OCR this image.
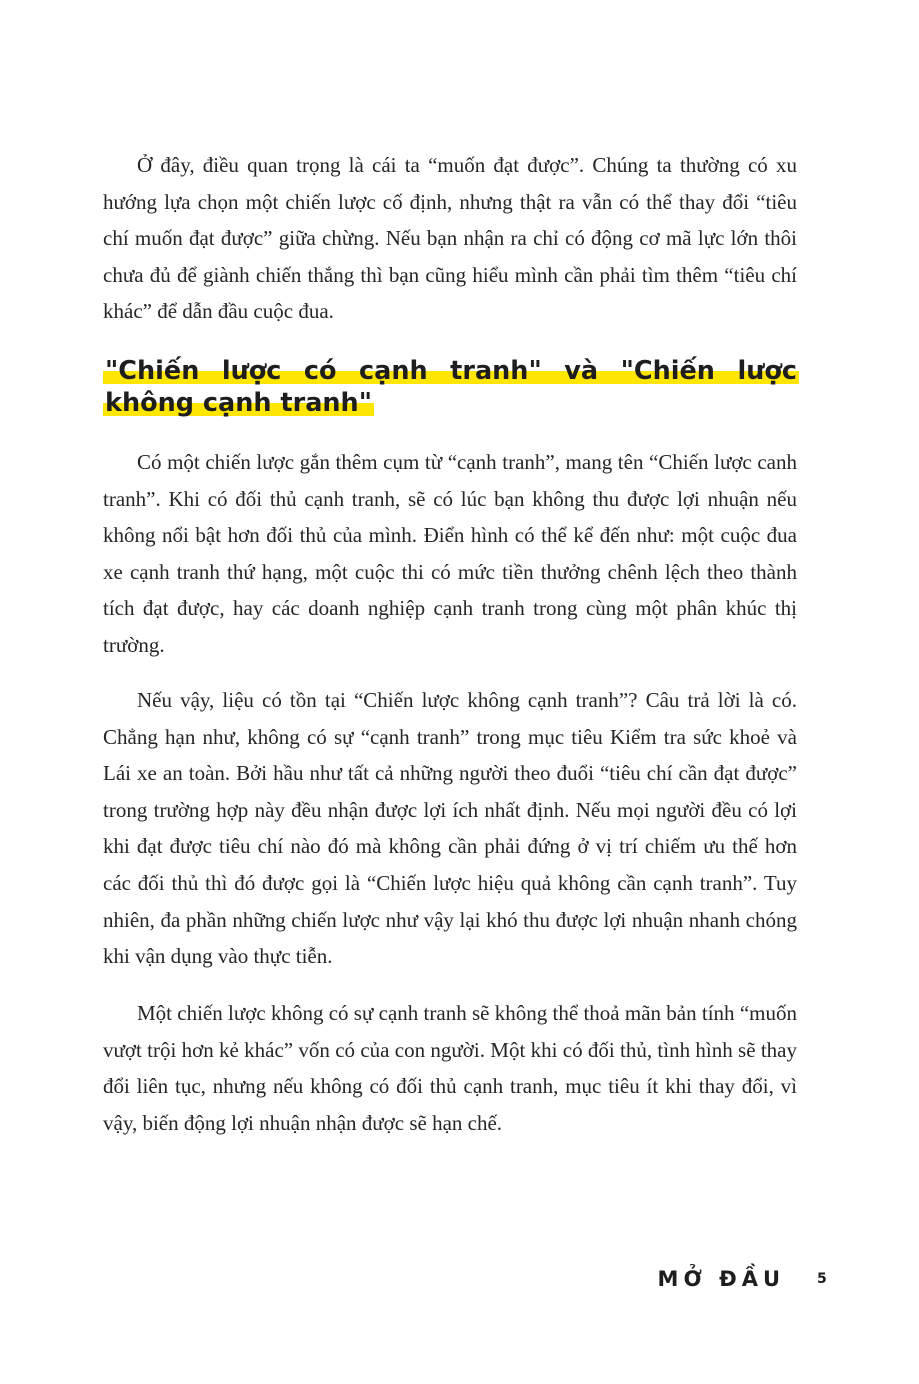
Ở đây, điều quan trọng là cái ta “muốn đạt được”. Chúng ta thường có xu hướng lựa chọn một chiến lược cố định, nhưng thật ra vẫn có thể thay đổi “tiêu chí muốn đạt được” giữa chừng. Nếu bạn nhận ra chỉ có động cơ mã lực lớn thôi chưa đủ để giành chiến thắng thì bạn cũng hiểu mình cần phải tìm thêm “tiêu chí khác” để dẫn đầu cuộc đua.

"Chiến lược có cạnh tranh" và "Chiến lược không cạnh tranh"

Có một chiến lược gắn thêm cụm từ “cạnh tranh”, mang tên “Chiến lược canh tranh”. Khi có đối thủ cạnh tranh, sẽ có lúc bạn không thu được lợi nhuận nếu không nổi bật hơn đối thủ của mình. Điển hình có thể kể đến như: một cuộc đua xe cạnh tranh thứ hạng, một cuộc thi có mức tiền thưởng chênh lệch theo thành tích đạt được, hay các doanh nghiệp cạnh tranh trong cùng một phân khúc thị trường.

Nếu vậy, liệu có tồn tại “Chiến lược không cạnh tranh”? Câu trả lời là có. Chẳng hạn như, không có sự “cạnh tranh” trong mục tiêu Kiểm tra sức khoẻ và Lái xe an toàn. Bởi hầu như tất cả những người theo đuổi “tiêu chí cần đạt được” trong trường hợp này đều nhận được lợi ích nhất định. Nếu mọi người đều có lợi khi đạt được tiêu chí nào đó mà không cần phải đứng ở vị trí chiếm ưu thế hơn các đối thủ thì đó được gọi là “Chiến lược hiệu quả không cần cạnh tranh”. Tuy nhiên, đa phần những chiến lược như vậy lại khó thu được lợi nhuận nhanh chóng khi vận dụng vào thực tiễn.

Một chiến lược không có sự cạnh tranh sẽ không thể thoả mãn bản tính “muốn vượt trội hơn kẻ khác” vốn có của con người. Một khi có đối thủ, tình hình sẽ thay đổi liên tục, nhưng nếu không có đối thủ cạnh tranh, mục tiêu ít khi thay đổi, vì vậy, biến động lợi nhuận nhận được sẽ hạn chế.

MỞ ĐẦU 5
